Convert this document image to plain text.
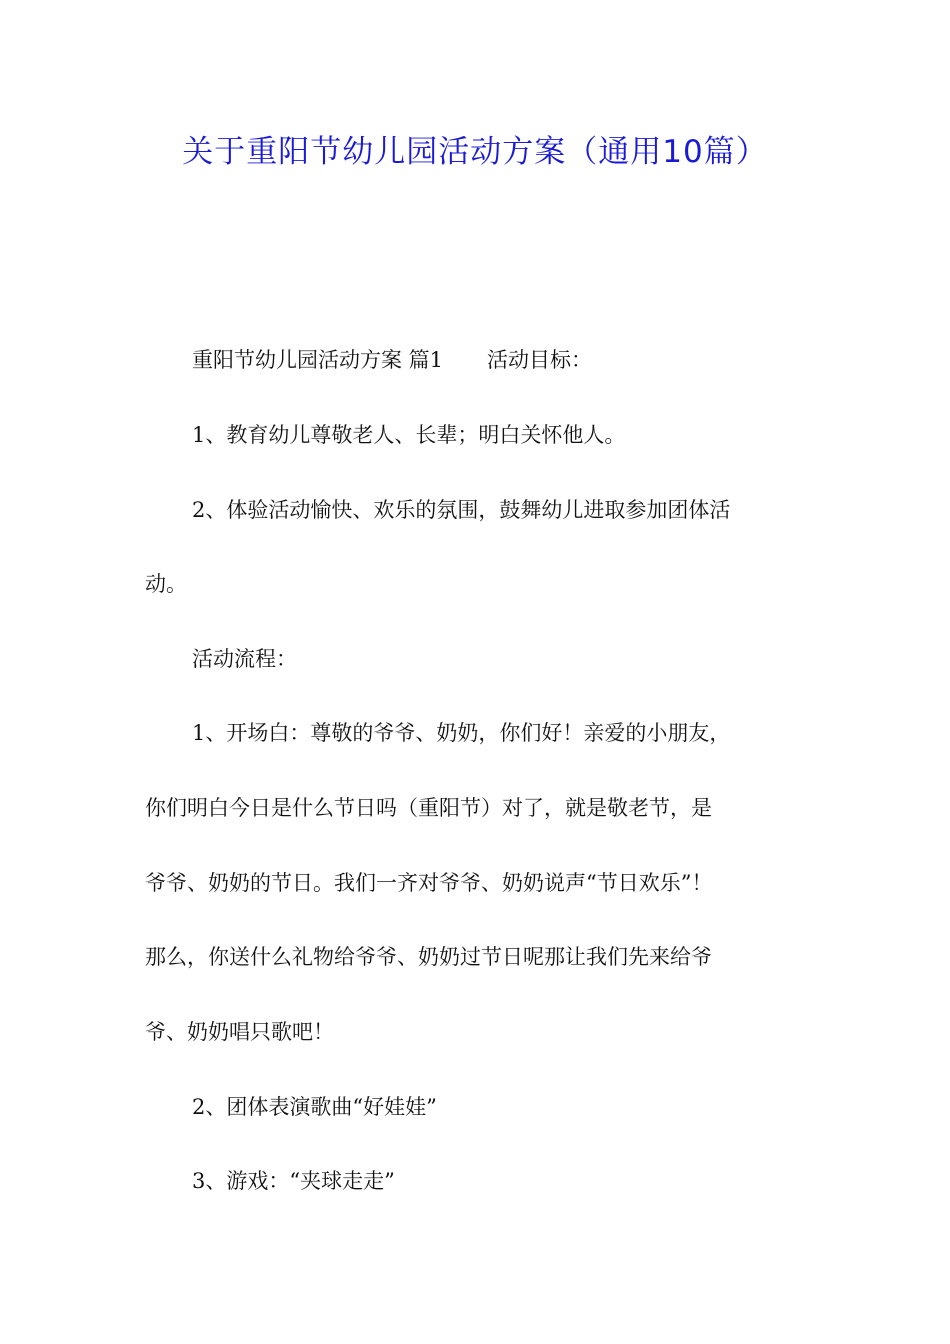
关于重阳节幼儿园活动方案（通用10篇）
重阳节幼儿园活动方案 篇1 活动目标：
1、教育幼儿尊敬老人、长辈；明白关怀他人。
2、体验活动愉快、欢乐的氛围，鼓舞幼儿进取参加团体活
动。
活动流程：
1、开场白：尊敬的爷爷、奶奶，你们好！亲爱的小朋友，
你们明白今日是什么节日吗（重阳节）对了，就是敬老节，是
爷爷、奶奶的节日。我们一齐对爷爷、奶奶说声“节日欢乐”！
那么，你送什么礼物给爷爷、奶奶过节日呢那让我们先来给爷
爷、奶奶唱只歌吧！
2、团体表演歌曲“好娃娃”
3、游戏：“夹球走走”
